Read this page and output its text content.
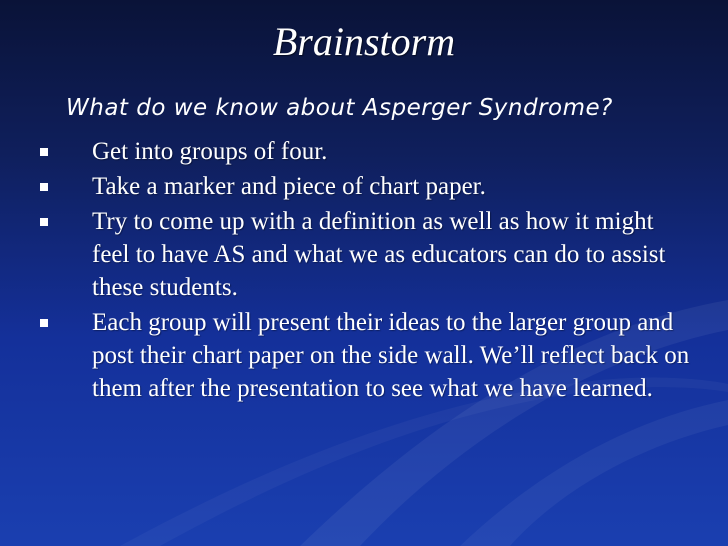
Brainstorm
What do we know about Asperger Syndrome?
Get into groups of four.
Take a marker and piece of chart paper.
Try to come up with a definition as well as how it might feel to have AS and what we as educators can do to assist these students.
Each group will present their ideas to the larger group and post their chart paper on the side wall. We’ll reflect back on them after the presentation to see what we have learned.
